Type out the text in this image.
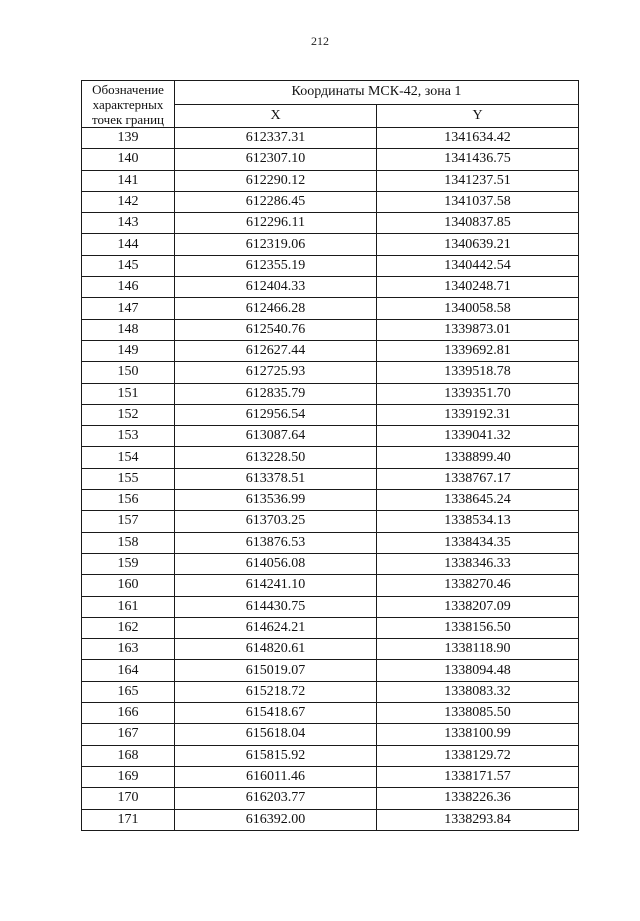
212
Обозначение
характерных
точек границ	Координаты МСК-42, зона 1	
	X	Y
139	612337.31	1341634.42
140	612307.10	1341436.75
141	612290.12	1341237.51
142	612286.45	1341037.58
143	612296.11	1340837.85
144	612319.06	1340639.21
145	612355.19	1340442.54
146	612404.33	1340248.71
147	612466.28	1340058.58
148	612540.76	1339873.01
149	612627.44	1339692.81
150	612725.93	1339518.78
151	612835.79	1339351.70
152	612956.54	1339192.31
153	613087.64	1339041.32
154	613228.50	1338899.40
155	613378.51	1338767.17
156	613536.99	1338645.24
157	613703.25	1338534.13
158	613876.53	1338434.35
159	614056.08	1338346.33
160	614241.10	1338270.46
161	614430.75	1338207.09
162	614624.21	1338156.50
163	614820.61	1338118.90
164	615019.07	1338094.48
165	615218.72	1338083.32
166	615418.67	1338085.50
167	615618.04	1338100.99
168	615815.92	1338129.72
169	616011.46	1338171.57
170	616203.77	1338226.36
171	616392.00	1338293.84
